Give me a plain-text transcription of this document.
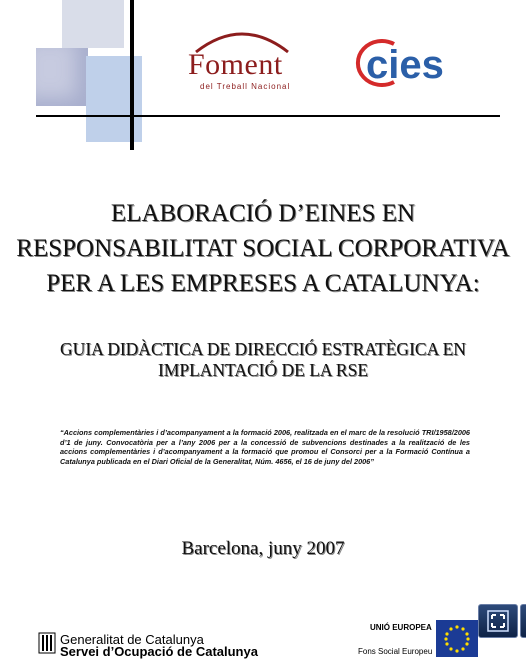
Foment
del Treball Nacional cies
ELABORACIÓ D’EINES EN
RESPONSABILITAT SOCIAL CORPORATIVA
PER A LES EMPRESES A CATALUNYA:
GUIA DIDÀCTICA DE DIRECCIÓ ESTRATÈGICA EN
IMPLANTACIÓ DE LA RSE
“Accions complementàries i d’acompanyament a la formació 2006, realitzada en el marc de la resolució TRI/1958/2006 d’1 de juny. Convocatòria per a l’any 2006 per a la concessió de subvencions destinades a la realització de les accions complementàries i d’acompanyament a la formació que promou el Consorci per a la Formació Contínua a Catalunya publicada en el Diari Oficial de la Generalitat, Núm. 4656, el 16 de juny del 2006”
Barcelona, juny 2007
Generalitat de Catalunya
Servei d’Ocupació de Catalunya
UNIÓ EUROPEA
Fons Social Europeu
